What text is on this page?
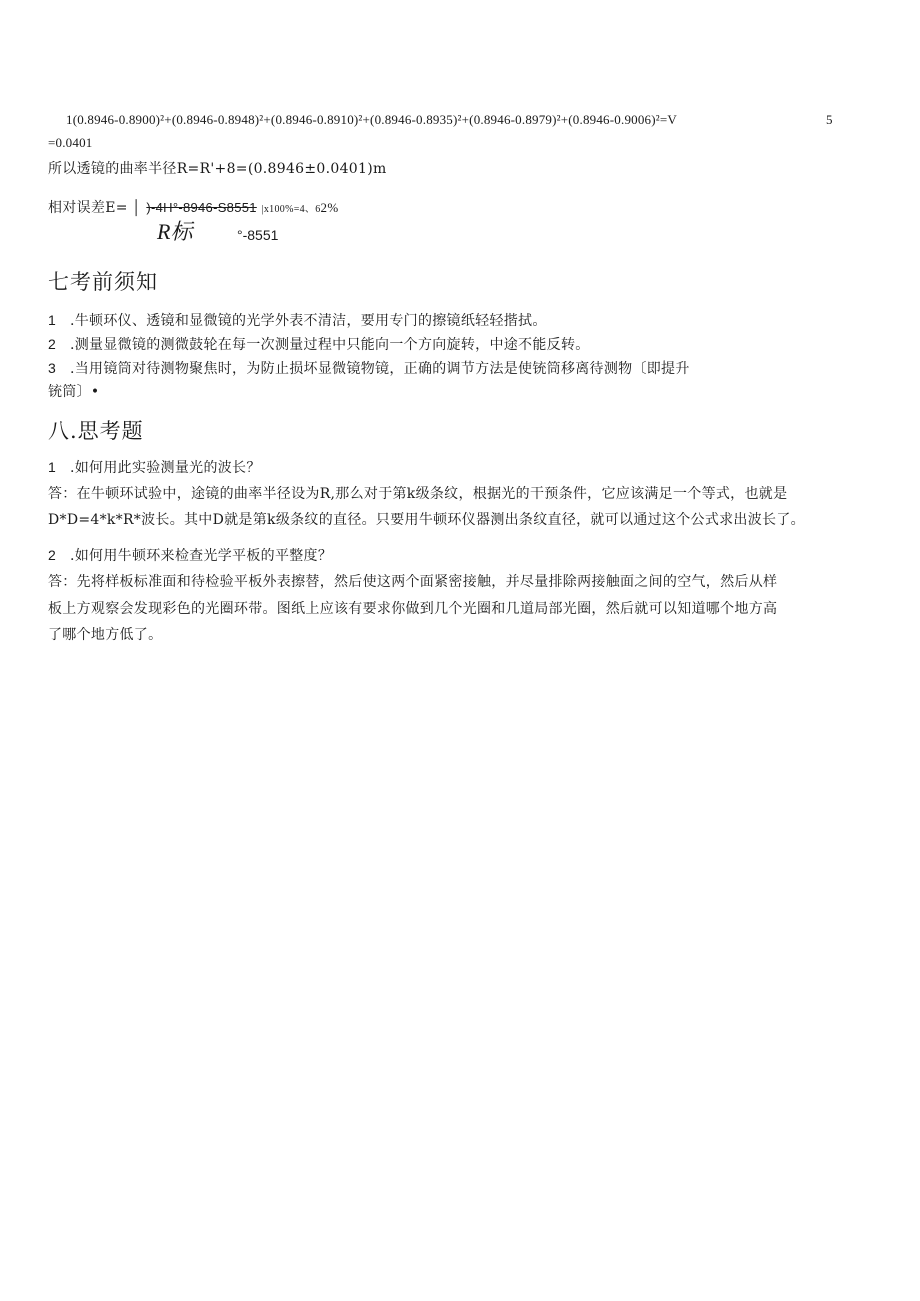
1(0.8946-0.8900)²+(0.8946-0.8948)²+(0.8946-0.8910)²+(0.8946-0.8935)²+(0.8946-0.8979)²+(0.8946-0.9006)²=V	5
=0.0401
所以透镜的曲率半径R=R'+8=(0.8946±0.0401)m
相对误差E= │ )-4H°-8946-S8551 |x100%=4、62%
R标	°-8551
七考前须知
1 .牛顿环仪、透镜和显微镜的光学外表不清洁，要用专门的擦镜纸轻轻揩拭。
2 .测量显微镜的测微鼓轮在每一次测量过程中只能向一个方向旋转，中途不能反转。
3 .当用镜筒对待测物聚焦时，为防止损坏显微镜物镜，正确的调节方法是使铳筒移离待测物〔即提升
铳筒〕•
八.思考题
1 .如何用此实验测量光的波长？
答：在牛顿环试验中，途镜的曲率半径设为R,那么对于第k级条纹，根据光的干预条件，它应该满足一个等式，也就是
D*D=4*k*R*波长。其中D就是第k级条纹的直径。只要用牛顿环仪器测出条纹直径，就可以通过这个公式求出波长了。
2 .如何用牛顿环来检查光学平板的平整度？
答：先将样板标准面和待检验平板外表擦替，然后使这两个面紧密接触，并尽量排除两接触面之间的空气，然后从样
板上方观察会发现彩色的光圈环带。图纸上应该有要求你做到几个光圈和几道局部光圈，然后就可以知道哪个地方高
了哪个地方低了。
